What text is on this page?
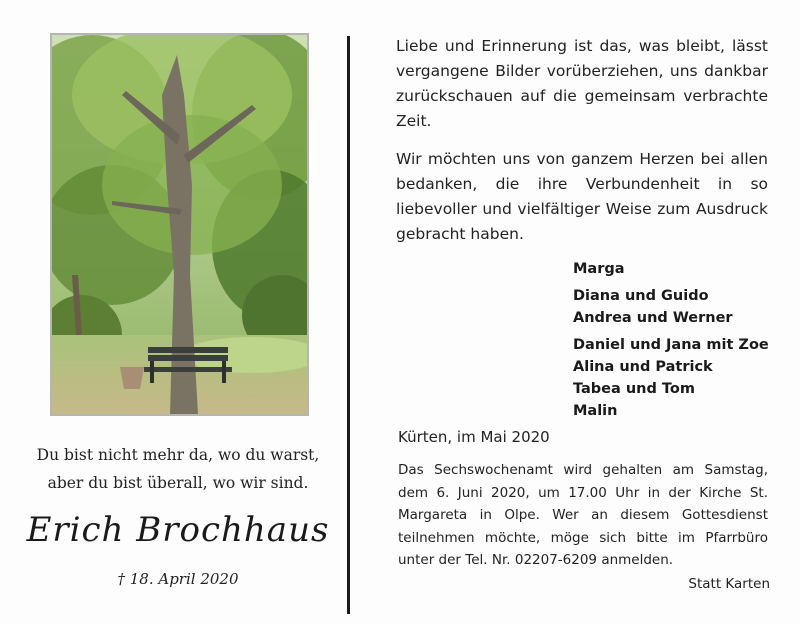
Du bist nicht mehr da, wo du warst,
aber du bist überall, wo wir sind.
Erich Brochhaus
† 18. April 2020

Liebe und Erinnerung ist das, was bleibt, lässt vergangene Bilder vorüberziehen, uns dankbar zurückschauen auf die gemeinsam verbrachte Zeit.

Wir möchten uns von ganzem Herzen bei allen bedanken, die ihre Verbundenheit in so liebevoller und vielfältiger Weise zum Ausdruck gebracht haben.

Marga
Diana und Guido
Andrea und Werner
Daniel und Jana mit Zoe
Alina und Patrick
Tabea und Tom
Malin
Kürten, im Mai 2020
Das Sechswochenamt wird gehalten am Samstag,
dem 6. Juni 2020, um 17.00 Uhr in der Kirche St.
Margareta in Olpe. Wer an diesem Gottesdienst
teilnehmen möchte, möge sich bitte im Pfarrbüro
unter der Tel. Nr. 02207-6209 anmelden.
Statt Karten
